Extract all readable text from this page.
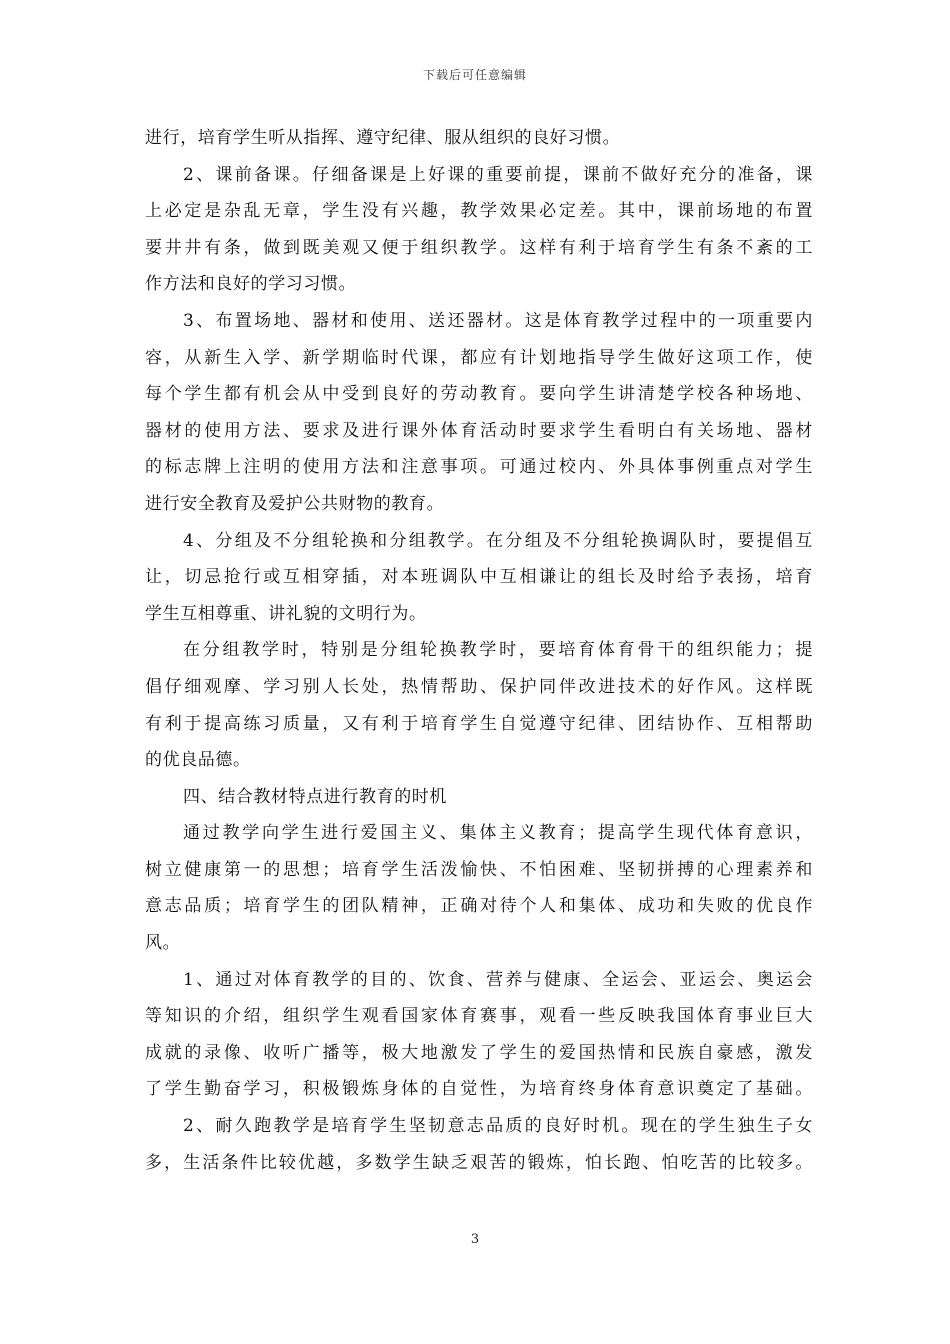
下载后可任意编辑
进行，培育学生听从指挥、遵守纪律、服从组织的良好习惯。
2、课前备课。仔细备课是上好课的重要前提，课前不做好充分的准备，课
上必定是杂乱无章，学生没有兴趣，教学效果必定差。其中，课前场地的布置
要井井有条，做到既美观又便于组织教学。这样有利于培育学生有条不紊的工
作方法和良好的学习习惯。
3、布置场地、器材和使用、送还器材。这是体育教学过程中的一项重要内
容，从新生入学、新学期临时代课，都应有计划地指导学生做好这项工作，使
每个学生都有机会从中受到良好的劳动教育。要向学生讲清楚学校各种场地、
器材的使用方法、要求及进行课外体育活动时要求学生看明白有关场地、器材
的标志牌上注明的使用方法和注意事项。可通过校内、外具体事例重点对学生
进行安全教育及爱护公共财物的教育。
4、分组及不分组轮换和分组教学。在分组及不分组轮换调队时，要提倡互
让，切忌抢行或互相穿插，对本班调队中互相谦让的组长及时给予表扬，培育
学生互相尊重、讲礼貌的文明行为。
在分组教学时，特别是分组轮换教学时，要培育体育骨干的组织能力；提
倡仔细观摩、学习别人长处，热情帮助、保护同伴改进技术的好作风。这样既
有利于提高练习质量，又有利于培育学生自觉遵守纪律、团结协作、互相帮助
的优良品德。
四、结合教材特点进行教育的时机
通过教学向学生进行爱国主义、集体主义教育；提高学生现代体育意识，
树立健康第一的思想；培育学生活泼愉快、不怕困难、坚韧拼搏的心理素养和
意志品质；培育学生的团队精神，正确对待个人和集体、成功和失败的优良作
风。
1、通过对体育教学的目的、饮食、营养与健康、全运会、亚运会、奥运会
等知识的介绍，组织学生观看国家体育赛事，观看一些反映我国体育事业巨大
成就的录像、收听广播等，极大地激发了学生的爱国热情和民族自豪感，激发
了学生勤奋学习，积极锻炼身体的自觉性，为培育终身体育意识奠定了基础。
2、耐久跑教学是培育学生坚韧意志品质的良好时机。现在的学生独生子女
多，生活条件比较优越，多数学生缺乏艰苦的锻炼，怕长跑、怕吃苦的比较多。
3
